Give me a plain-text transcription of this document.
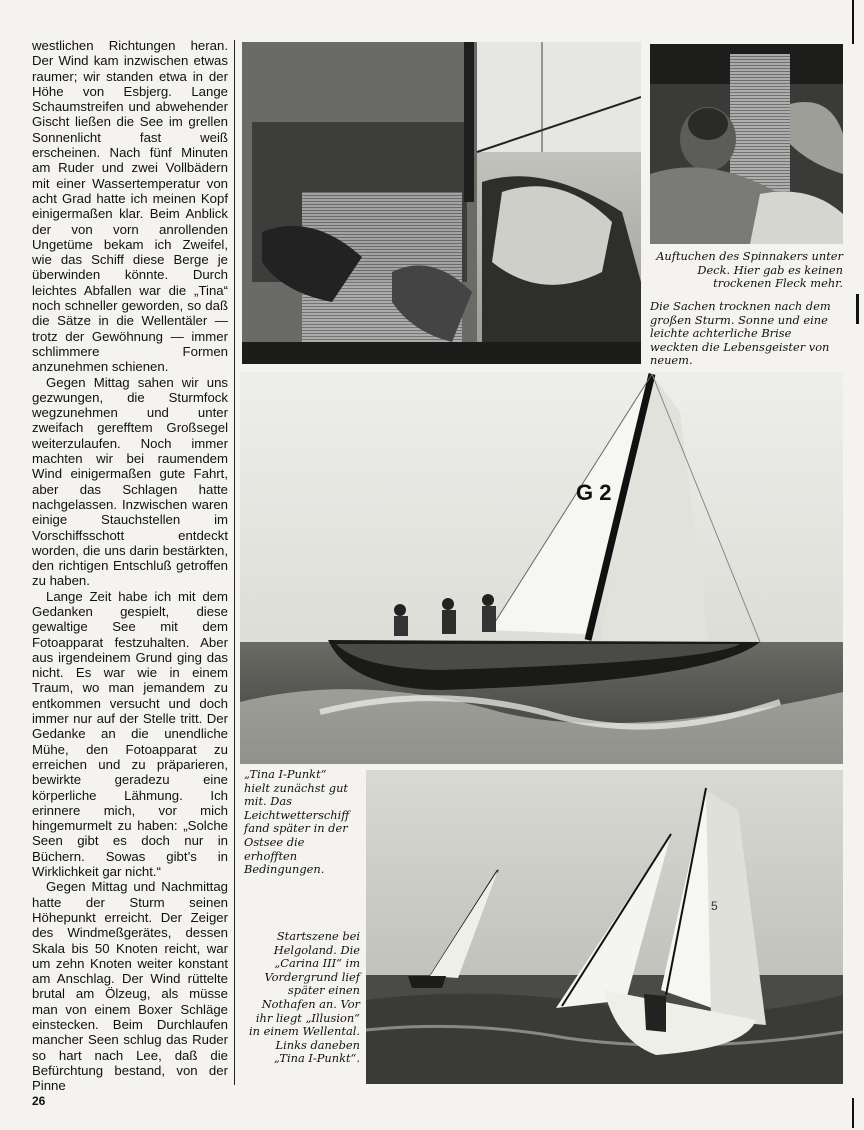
westlichen Richtungen heran. Der Wind kam inzwischen etwas raumer; wir standen etwa in der Höhe von Esbjerg. Lange Schaumstreifen und abwehender Gischt ließen die See im grellen Sonnenlicht fast weiß erscheinen. Nach fünf Minuten am Ruder und zwei Vollbädern mit einer Wassertemperatur von acht Grad hatte ich meinen Kopf einigermaßen klar. Beim Anblick der von vorn anrollenden Ungetüme bekam ich Zweifel, wie das Schiff diese Berge je überwinden könnte. Durch leichtes Abfallen war die „Tina“ noch schneller geworden, so daß die Sätze in die Wellentäler — trotz der Gewöhnung — immer schlimmere Formen anzunehmen schienen.

Gegen Mittag sahen wir uns gezwungen, die Sturmfock wegzunehmen und unter zweifach gerefftem Großsegel weiterzulaufen. Noch immer machten wir bei raumendem Wind einigermaßen gute Fahrt, aber das Schlagen hatte nachgelassen. Inzwischen waren einige Stauchstellen im Vorschiffsschott entdeckt worden, die uns darin bestärkten, den richtigen Entschluß getroffen zu haben.

Lange Zeit habe ich mit dem Gedanken gespielt, diese gewaltige See mit dem Fotoapparat festzuhalten. Aber aus irgendeinem Grund ging das nicht. Es war wie in einem Traum, wo man jemandem zu entkommen versucht und doch immer nur auf der Stelle tritt. Der Gedanke an die unendliche Mühe, den Fotoapparat zu erreichen und zu präparieren, bewirkte geradezu eine körperliche Lähmung. Ich erinnere mich, vor mich hingemurmelt zu haben: „Solche Seen gibt es doch nur in Büchern. Sowas gibt’s in Wirklichkeit gar nicht.“

Gegen Mittag und Nachmittag hatte der Sturm seinen Höhepunkt erreicht. Der Zeiger des Windmeßgerätes, dessen Skala bis 50 Knoten reicht, war um zehn Knoten weiter konstant am Anschlag. Der Wind rüttelte brutal am Ölzeug, als müsse man von einem Boxer Schläge einstecken. Beim Durchlaufen mancher Seen schlug das Ruder so hart nach Lee, daß die Befürchtung bestand, von der Pinne

Auftuchen des Spinnakers unter Deck. Hier gab es keinen trockenen Fleck mehr.
Die Sachen trocknen nach dem großen Sturm. Sonne und eine leichte achterliche Brise weckten die Lebensgeister von neuem.
G 2
„Tina I-Punkt“ hielt zunächst gut mit. Das Leichtwetterschiff fand später in der Ostsee die erhofften Bedingungen.
5
Startszene bei Helgoland. Die „Carina III“ im Vordergrund lief später einen Nothafen an. Vor ihr liegt „Illusion“ in einem Wellental. Links daneben „Tina I-Punkt“.
26
